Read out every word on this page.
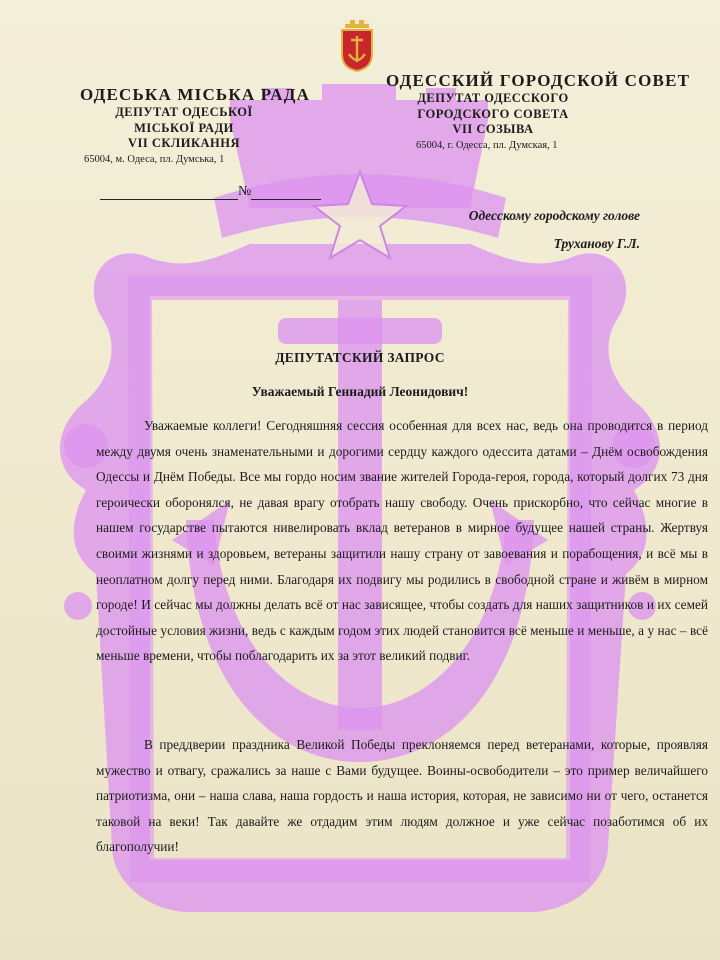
ОДЕСЬКА МІСЬКА РАДА
ДЕПУТАТ ОДЕСЬКОЇ
МІСЬКОЇ РАДИ
VII СКЛИКАННЯ
65004, м. Одеса, пл. Думська, 1
ОДЕССКИЙ ГОРОДСКОЙ СОВЕТ
ДЕПУТАТ ОДЕССКОГО
ГОРОДСКОГО СОВЕТА
VII СОЗЫВА
65004, г. Одесса, пл. Думская, 1
№
Одесскому городскому голове
Труханову Г.Л.
ДЕПУТАТСКИЙ ЗАПРОС
Уважаемый Геннадий Леонидович!

Уважаемые коллеги! Сегодняшняя сессия особенная для всех нас, ведь она проводится в период между двумя очень знаменательными и дорогими сердцу каждого одессита датами – Днём освобождения Одессы и Днём Победы. Все мы гордо носим звание жителей Города-героя, города, который долгих 73 дня героически оборонялся, не давая врагу отобрать нашу свободу. Очень прискорбно, что сейчас многие в нашем государстве пытаются нивелировать вклад ветеранов в мирное будущее нашей страны. Жертвуя своими жизнями и здоровьем, ветераны защитили нашу страну от завоевания и порабощения, и всё мы в неоплатном долгу перед ними. Благодаря их подвигу мы родились в свободной стране и живём в мирном городе! И сейчас мы должны делать всё от нас зависящее, чтобы создать для наших защитников и их семей достойные условия жизни, ведь с каждым годом этих людей становится всё меньше и меньше, а у нас – всё меньше времени, чтобы поблагодарить их за этот великий подвиг.

В преддверии праздника Великой Победы преклоняемся перед ветеранами, которые, проявляя мужество и отвагу, сражались за наше с Вами будущее. Воины-освободители – это пример величайшего патриотизма, они – наша слава, наша гордость и наша история, которая, не зависимо ни от чего, останется таковой на веки! Так давайте же отдадим этим людям должное и уже сейчас позаботимся об их благополучии!
